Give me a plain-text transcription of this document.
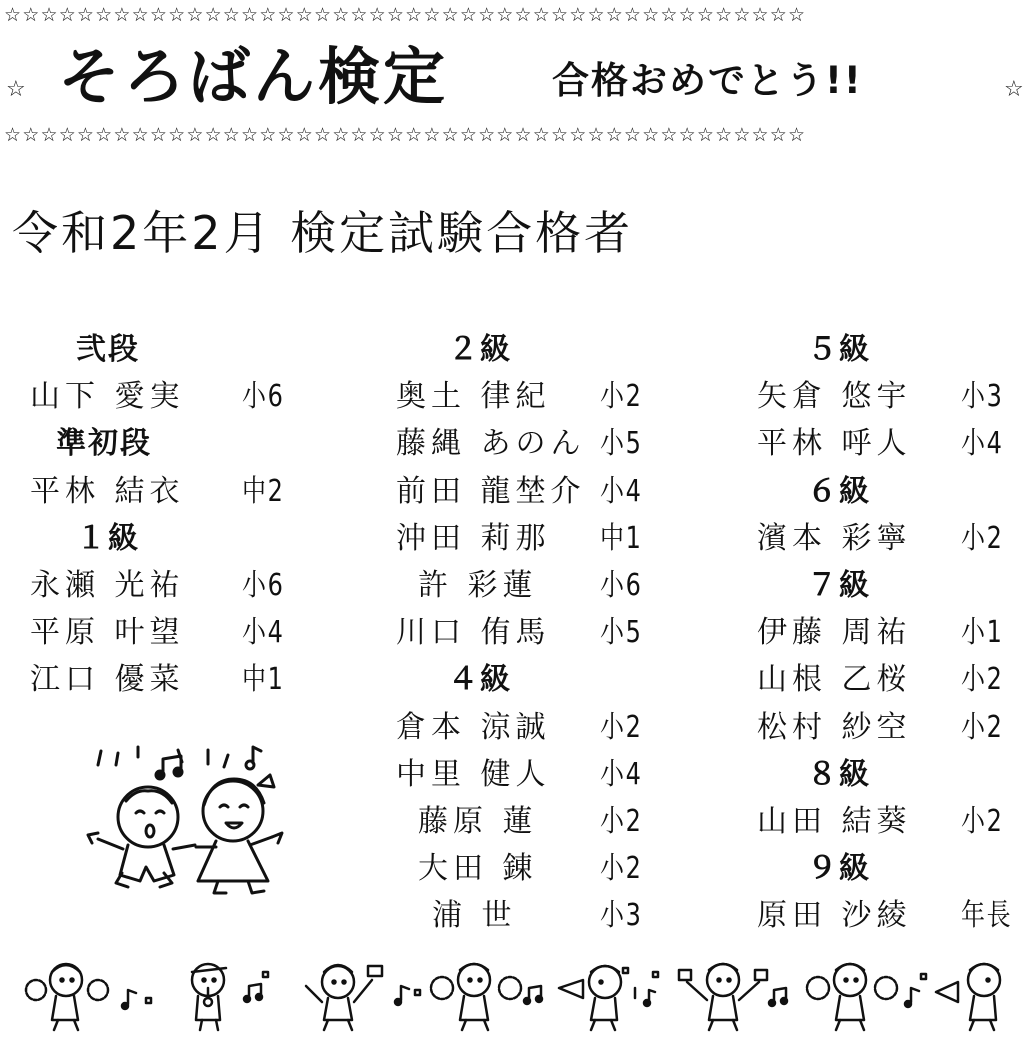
☆☆☆☆☆☆☆☆☆☆☆☆☆☆☆☆☆☆☆☆☆☆☆☆☆☆☆☆☆☆☆☆☆☆☆☆☆☆☆☆☆☆☆☆
☆ そろばん検定	合格おめでとう!!	☆
☆☆☆☆☆☆☆☆☆☆☆☆☆☆☆☆☆☆☆☆☆☆☆☆☆☆☆☆☆☆☆☆☆☆☆☆☆☆☆☆☆☆☆☆
令和2年2月 検定試験合格者
弐段
山下 愛実 小6
準初段
平林 結衣 中2
１級
永瀬 光祐 小6
平原 叶望 小4
江口 優菜 中1
２級
奥土 律紀 小2
藤縄 あのん 小5
前田 龍埜介 小4
沖田 莉那 中1
許 彩蓮 小6
川口 侑馬 小5
４級
倉本 涼誠 小2
中里 健人 小4
藤原 蓮 小2
大田 錬 小2
浦 世	小3
５級
矢倉 悠宇 小3
平林 呼人 小4
６級
濱本 彩寧 小2
７級
伊藤 周祐 小1
山根 乙桜 小2
松村 紗空 小2
８級
山田 結葵 小2
９級
原田 沙綾 年長
